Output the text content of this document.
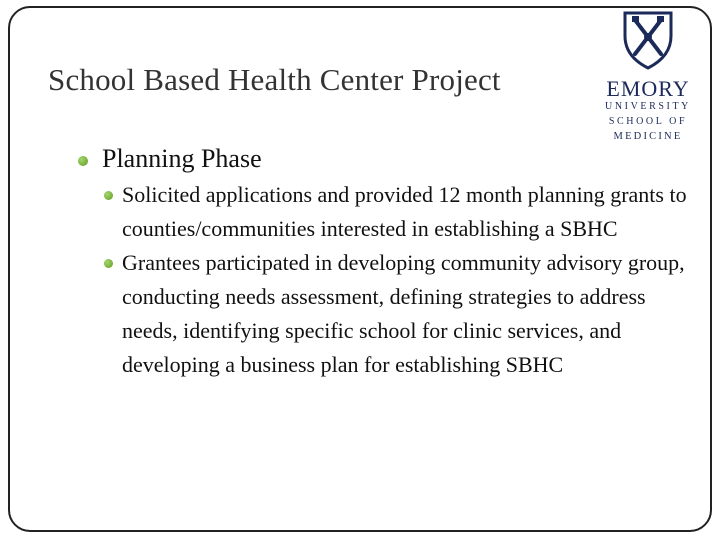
School Based Health Center Project	EMORY
UNIVERSITY
SCHOOL OF
MEDICINE
Planning Phase
Solicited applications and provided 12 month planning grants to counties/communities interested in establishing a SBHC
Grantees participated in developing community advisory group, conducting needs assessment, defining strategies to address needs, identifying specific school for clinic services, and developing a business plan for establishing SBHC
